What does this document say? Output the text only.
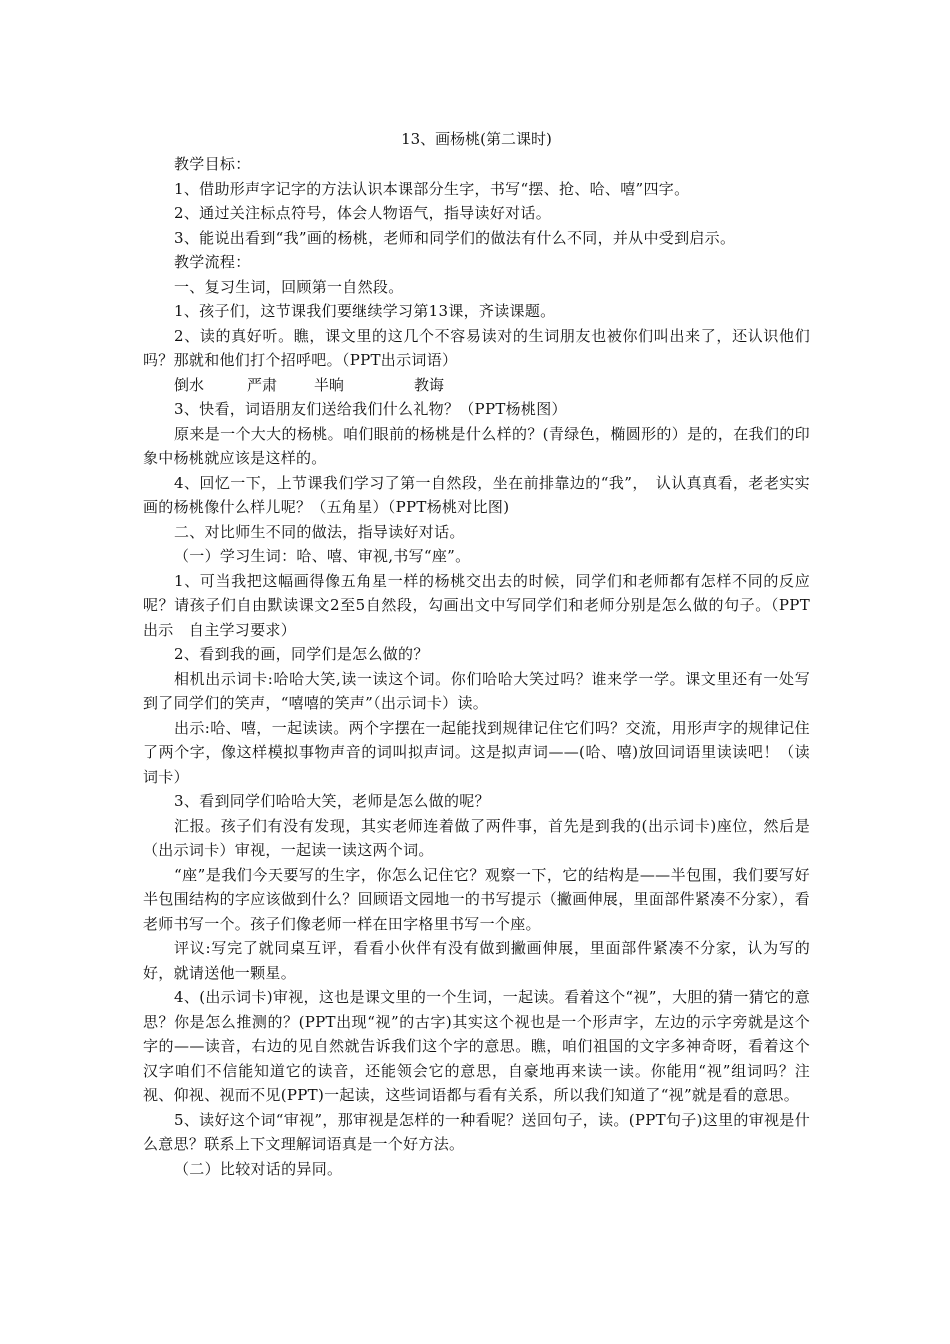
13、画杨桃(第二课时)

教学目标：

1、借助形声字记字的方法认识本课部分生字，书写“摆、抢、哈、嘻”四字。

2、通过关注标点符号，体会人物语气，指导读好对话。

3、能说出看到“我”画的杨桃，老师和同学们的做法有什么不同，并从中受到启示。

教学流程：

一、复习生词，回顾第一自然段。

1、孩子们，这节课我们要继续学习第13课，齐读课题。

2、读的真好听。瞧，课文里的这几个不容易读对的生词朋友也被你们叫出来了，还认识他们吗？那就和他们打个招呼吧。（PPT出示词语）

倒水	严肃 半晌	教诲

3、快看，词语朋友们送给我们什么礼物？（PPT杨桃图）

原来是一个大大的杨桃。咱们眼前的杨桃是什么样的？(青绿色，椭圆形的）是的，在我们的印象中杨桃就应该是这样的。

4、回忆一下，上节课我们学习了第一自然段，坐在前排靠边的“我”，　认认真真看，老老实实画的杨桃像什么样儿呢？（五角星）（PPT杨桃对比图)

二、对比师生不同的做法，指导读好对话。

（一）学习生词：哈、嘻、审视,书写“座”。

1、可当我把这幅画得像五角星一样的杨桃交出去的时候，同学们和老师都有怎样不同的反应呢？请孩子们自由默读课文2至5自然段，勾画出文中写同学们和老师分别是怎么做的句子。（PPT出示　自主学习要求）

2、看到我的画，同学们是怎么做的？

相机出示词卡:哈哈大笑,读一读这个词。你们哈哈大笑过吗？谁来学一学。课文里还有一处写到了同学们的笑声，“嘻嘻的笑声”（出示词卡）读。

出示:哈、嘻，一起读读。两个字摆在一起能找到规律记住它们吗？交流，用形声字的规律记住了两个字，像这样模拟事物声音的词叫拟声词。这是拟声词——(哈、嘻)放回词语里读读吧！（读词卡）

3、看到同学们哈哈大笑，老师是怎么做的呢？

汇报。孩子们有没有发现，其实老师连着做了两件事，首先是到我的(出示词卡)座位，然后是（出示词卡）审视，一起读一读这两个词。

“座”是我们今天要写的生字，你怎么记住它？观察一下，它的结构是——半包围，我们要写好半包围结构的字应该做到什么？回顾语文园地一的书写提示（撇画伸展，里面部件紧凑不分家），看老师书写一个。孩子们像老师一样在田字格里书写一个座。

评议:写完了就同桌互评，看看小伙伴有没有做到撇画伸展，里面部件紧凑不分家，认为写的好，就请送他一颗星。

4、(出示词卡)审视，这也是课文里的一个生词，一起读。看着这个“视”，大胆的猜一猜它的意思？你是怎么推测的？(PPT出现“视”的古字)其实这个视也是一个形声字，左边的示字旁就是这个字的——读音，右边的见自然就告诉我们这个字的意思。瞧，咱们祖国的文字多神奇呀，看着这个汉字咱们不信能知道它的读音，还能领会它的意思，自豪地再来读一读。你能用“视”组词吗？注视、仰视、视而不见(PPT)一起读，这些词语都与看有关系，所以我们知道了“视”就是看的意思。

5、读好这个词“审视”，那审视是怎样的一种看呢？送回句子，读。(PPT句子)这里的审视是什么意思？联系上下文理解词语真是一个好方法。

（二）比较对话的异同。
